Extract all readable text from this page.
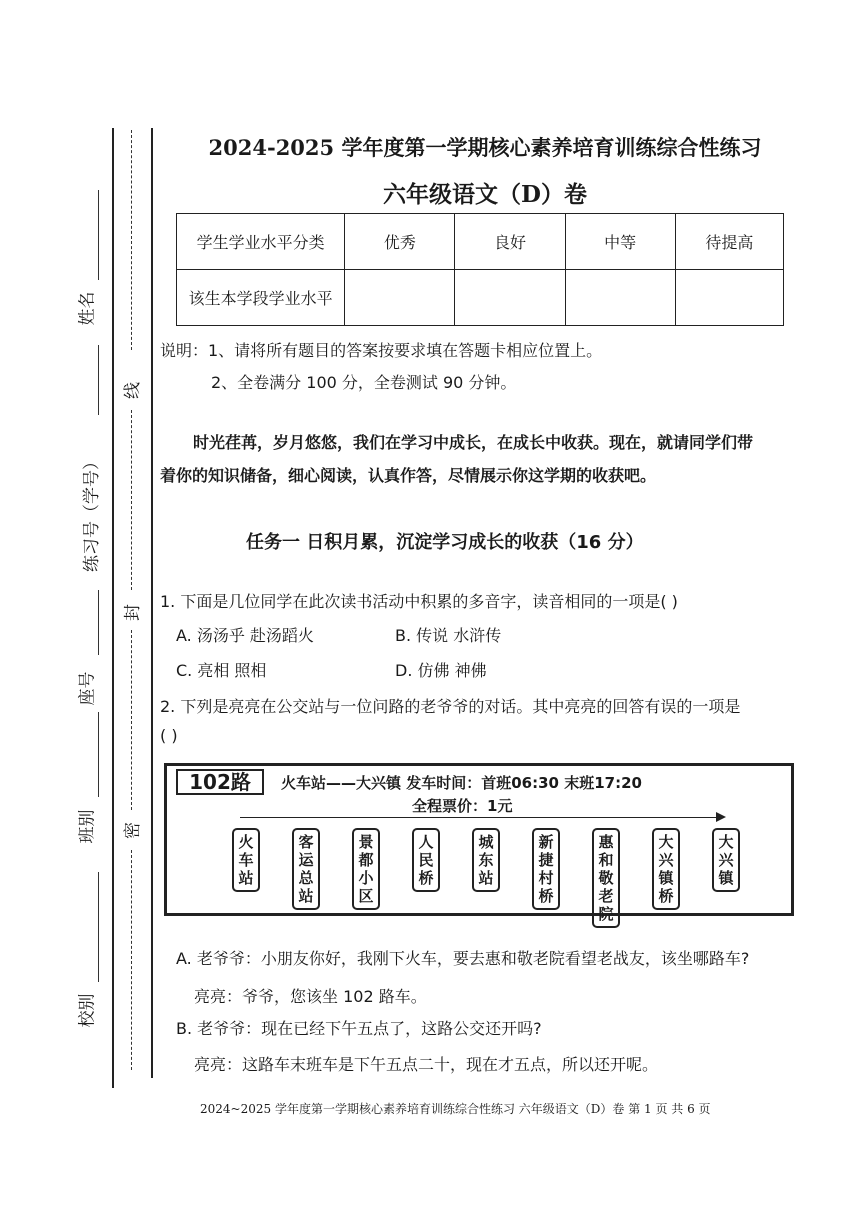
姓名
练习号（学号）
座号
班别
校别
线
封
密
2024-2025 学年度第一学期核心素养培育训练综合性练习
六年级语文（D）卷
学生学业水平分类	优秀	良好	中等	待提高
该生本学段学业水平				
说明：1、请将所有题目的答案按要求填在答题卡相应位置上。
2、全卷满分 100 分，全卷测试 90 分钟。
时光荏苒，岁月悠悠，我们在学习中成长，在成长中收获。现在，就请同学们带
着你的知识储备，细心阅读，认真作答，尽情展示你这学期的收获吧。
任务一 日积月累，沉淀学习成长的收获（16 分）
1. 下面是几位同学在此次读书活动中积累的多音字，读音相同的一项是( )
A. 汤汤乎 赴汤蹈火	B. 传说 水浒传
C. 亮相 照相	D. 仿佛 神佛
2. 下列是亮亮在公交站与一位问路的老爷爷的对话。其中亮亮的回答有误的一项是
( )
102路	火车站——大兴镇 发车时间：首班06:30 末班17:20
全程票价：1元
火车站
客运总站
景都小区
人民桥
城东站
新捷村桥
惠和敬老院
大兴镇桥
大兴镇
A. 老爷爷：小朋友你好，我刚下火车，要去惠和敬老院看望老战友，该坐哪路车?
亮亮：爷爷，您该坐 102 路车。
B. 老爷爷：现在已经下午五点了，这路公交还开吗?
亮亮：这路车末班车是下午五点二十，现在才五点，所以还开呢。
2024~2025 学年度第一学期核心素养培育训练综合性练习 六年级语文（D）卷 第 1 页 共 6 页
